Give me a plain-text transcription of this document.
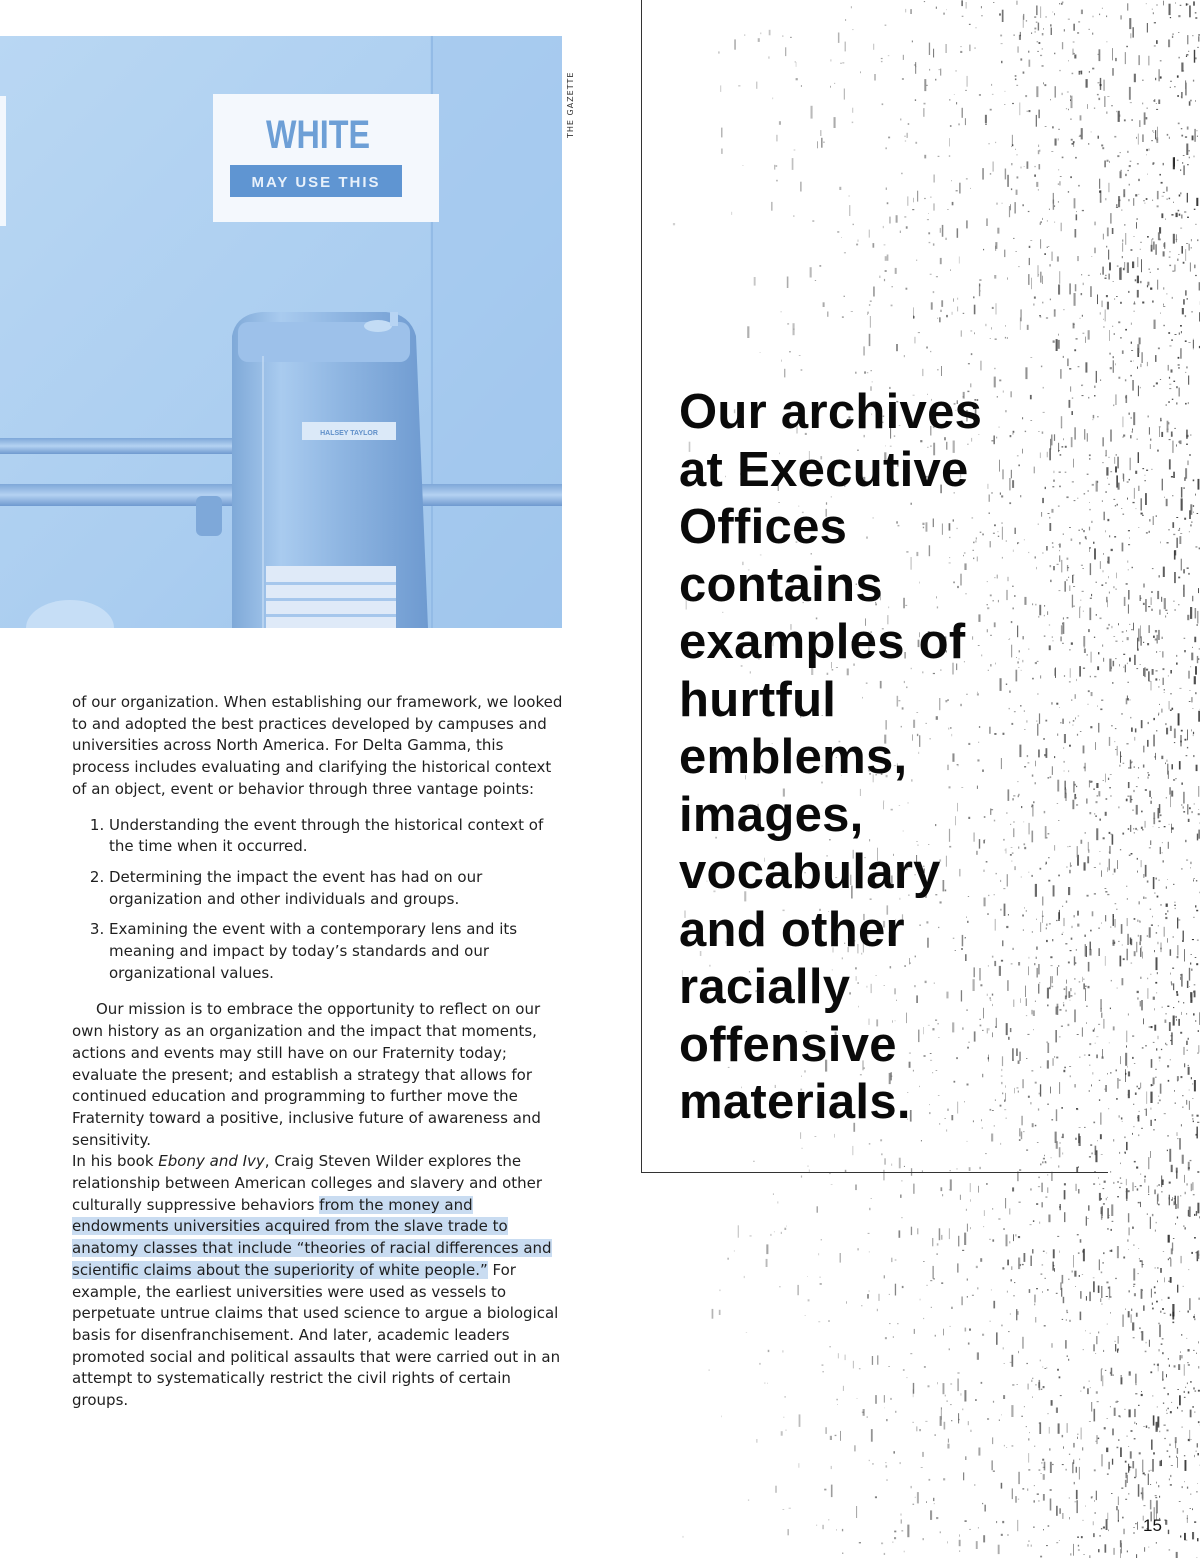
WHITE
MAY USE THIS
HALSEY TAYLOR
THE GAZETTE

Our archives at Executive Offices contains examples of hurtful emblems, images, vocabulary and other racially offensive materials.

of our organization. When establishing our framework, we looked to and adopted the best practices developed by campuses and universities across North America. For Delta Gamma, this process includes evaluating and clarifying the historical context of an object, event or behavior through three vantage points:

1. Understanding the event through the historical context of the time when it occurred.
2. Determining the impact the event has had on our organization and other individuals and groups.
3. Examining the event with a contemporary lens and its meaning and impact by today’s standards and our organizational values.

Our mission is to embrace the opportunity to reflect on our own history as an organization and the impact that moments, actions and events may still have on our Fraternity today; evaluate the present; and establish a strategy that allows for continued education and programming to further move the Fraternity toward a positive, inclusive future of awareness and sensitivity.

In his book Ebony and Ivy, Craig Steven Wilder explores the relationship between American colleges and slavery and other culturally suppressive behaviors from the money and endowments universities acquired from the slave trade to anatomy classes that include “theories of racial differences and scientific claims about the superiority of white people.” For example, the earliest universities were used as vessels to perpetuate untrue claims that used science to argue a biological basis for disenfranchisement. And later, academic leaders promoted social and political assaults that were carried out in an attempt to systematically restrict the civil rights of certain groups.

15
